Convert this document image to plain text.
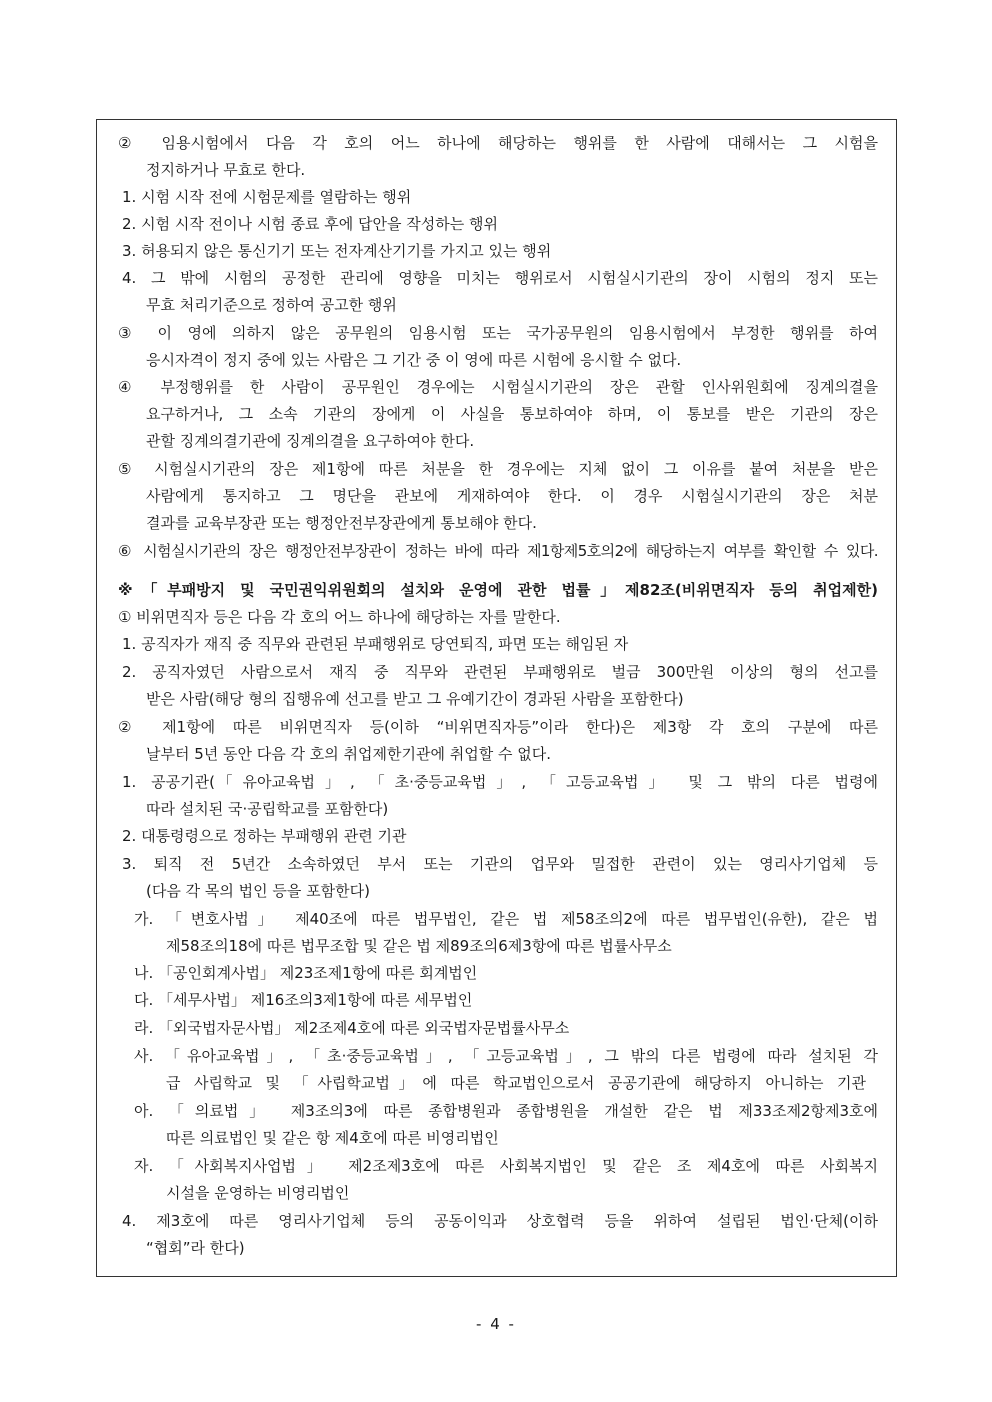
② 임용시험에서 다음 각 호의 어느 하나에 해당하는 행위를 한 사람에 대해서는 그 시험을
정지하거나 무효로 한다.
1. 시험 시작 전에 시험문제를 열람하는 행위
2. 시험 시작 전이나 시험 종료 후에 답안을 작성하는 행위
3. 허용되지 않은 통신기기 또는 전자계산기기를 가지고 있는 행위
4. 그 밖에 시험의 공정한 관리에 영향을 미치는 행위로서 시험실시기관의 장이 시험의 정지 또는
무효 처리기준으로 정하여 공고한 행위
③ 이 영에 의하지 않은 공무원의 임용시험 또는 국가공무원의 임용시험에서 부정한 행위를 하여
응시자격이 정지 중에 있는 사람은 그 기간 중 이 영에 따른 시험에 응시할 수 없다.
④ 부정행위를 한 사람이 공무원인 경우에는 시험실시기관의 장은 관할 인사위원회에 징계의결을
요구하거나, 그 소속 기관의 장에게 이 사실을 통보하여야 하며, 이 통보를 받은 기관의 장은
관할 징계의결기관에 징계의결을 요구하여야 한다.
⑤ 시험실시기관의 장은 제1항에 따른 처분을 한 경우에는 지체 없이 그 이유를 붙여 처분을 받은
사람에게 통지하고 그 명단을 관보에 게재하여야 한다. 이 경우 시험실시기관의 장은 처분
결과를 교육부장관 또는 행정안전부장관에게 통보해야 한다.
⑥ 시험실시기관의 장은 행정안전부장관이 정하는 바에 따라 제1항제5호의2에 해당하는지 여부를 확인할 수 있다.
※「부패방지 및 국민권익위원회의 설치와 운영에 관한 법률」제82조(비위면직자 등의 취업제한)
① 비위면직자 등은 다음 각 호의 어느 하나에 해당하는 자를 말한다.
1. 공직자가 재직 중 직무와 관련된 부패행위로 당연퇴직, 파면 또는 해임된 자
2. 공직자였던 사람으로서 재직 중 직무와 관련된 부패행위로 벌금 300만원 이상의 형의 선고를
받은 사람(해당 형의 집행유예 선고를 받고 그 유예기간이 경과된 사람을 포함한다)
② 제1항에 따른 비위면직자 등(이하 “비위면직자등”이라 한다)은 제3항 각 호의 구분에 따른
날부터 5년 동안 다음 각 호의 취업제한기관에 취업할 수 없다.
1. 공공기관(「유아교육법」, 「초·중등교육법」, 「고등교육법」 및 그 밖의 다른 법령에
따라 설치된 국·공립학교를 포함한다)
2. 대통령령으로 정하는 부패행위 관련 기관
3. 퇴직 전 5년간 소속하였던 부서 또는 기관의 업무와 밀접한 관련이 있는 영리사기업체 등
(다음 각 목의 법인 등을 포함한다)
가. 「변호사법」 제40조에 따른 법무법인, 같은 법 제58조의2에 따른 법무법인(유한), 같은 법
제58조의18에 따른 법무조합 및 같은 법 제89조의6제3항에 따른 법률사무소
나. 「공인회계사법」 제23조제1항에 따른 회계법인
다. 「세무사법」 제16조의3제1항에 따른 세무법인
라. 「외국법자문사법」 제2조제4호에 따른 외국법자문법률사무소
사. 「유아교육법」, 「초·중등교육법」, 「고등교육법」, 그 밖의 다른 법령에 따라 설치된 각
급 사립학교 및 「사립학교법」에 따른 학교법인으로서 공공기관에 해당하지 아니하는 기관
아. 「의료법」 제3조의3에 따른 종합병원과 종합병원을 개설한 같은 법 제33조제2항제3호에
따른 의료법인 및 같은 항 제4호에 따른 비영리법인
자. 「사회복지사업법」 제2조제3호에 따른 사회복지법인 및 같은 조 제4호에 따른 사회복지
시설을 운영하는 비영리법인
4. 제3호에 따른 영리사기업체 등의 공동이익과 상호협력 등을 위하여 설립된 법인·단체(이하
“협회”라 한다)
- 4 -
